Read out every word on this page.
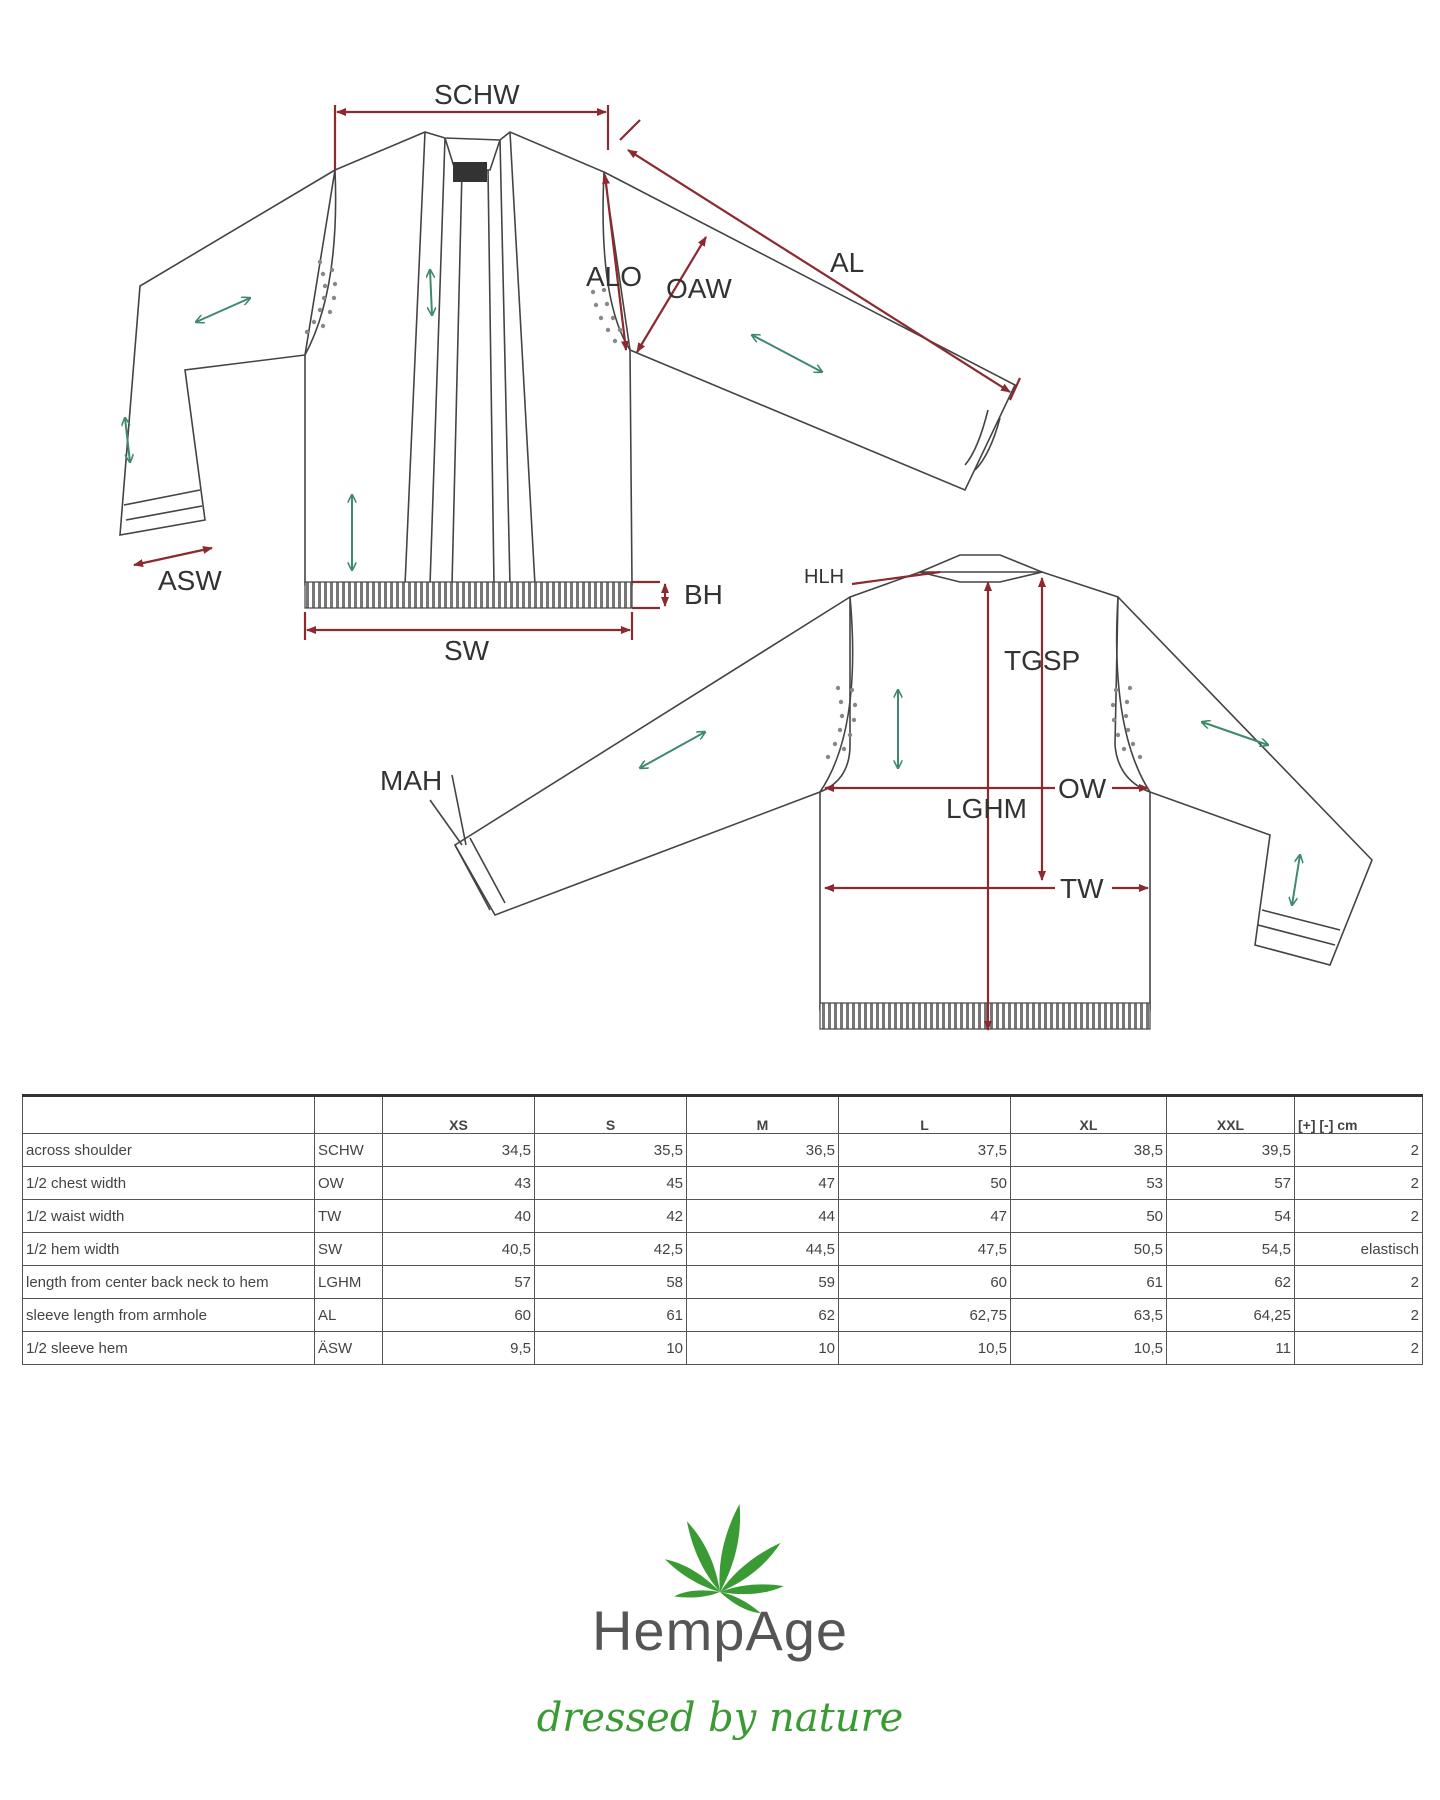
SCHW
AL
ALO OAW
ASW	BH
SW
HLH
TGSP
MAH	OW
LGHM
TW
		XS	S	M	L	XL	XXL	[+] [-] cm
across shoulder	SCHW	34,5	35,5	36,5	37,5	38,5	39,5	2
1/2 chest width	OW	43	45	47	50	53	57	2
1/2 waist width	TW	40	42	44	47	50	54	2
1/2 hem width	SW	40,5	42,5	44,5	47,5	50,5	54,5	elastisch
length from center back neck to hem	LGHM	57	58	59	60	61	62	2
sleeve length from armhole	AL	60	61	62	62,75	63,5	64,25	2
1/2 sleeve hem	ÄSW	9,5	10	10	10,5	10,5	11	2
HempAge
dressed by nature
